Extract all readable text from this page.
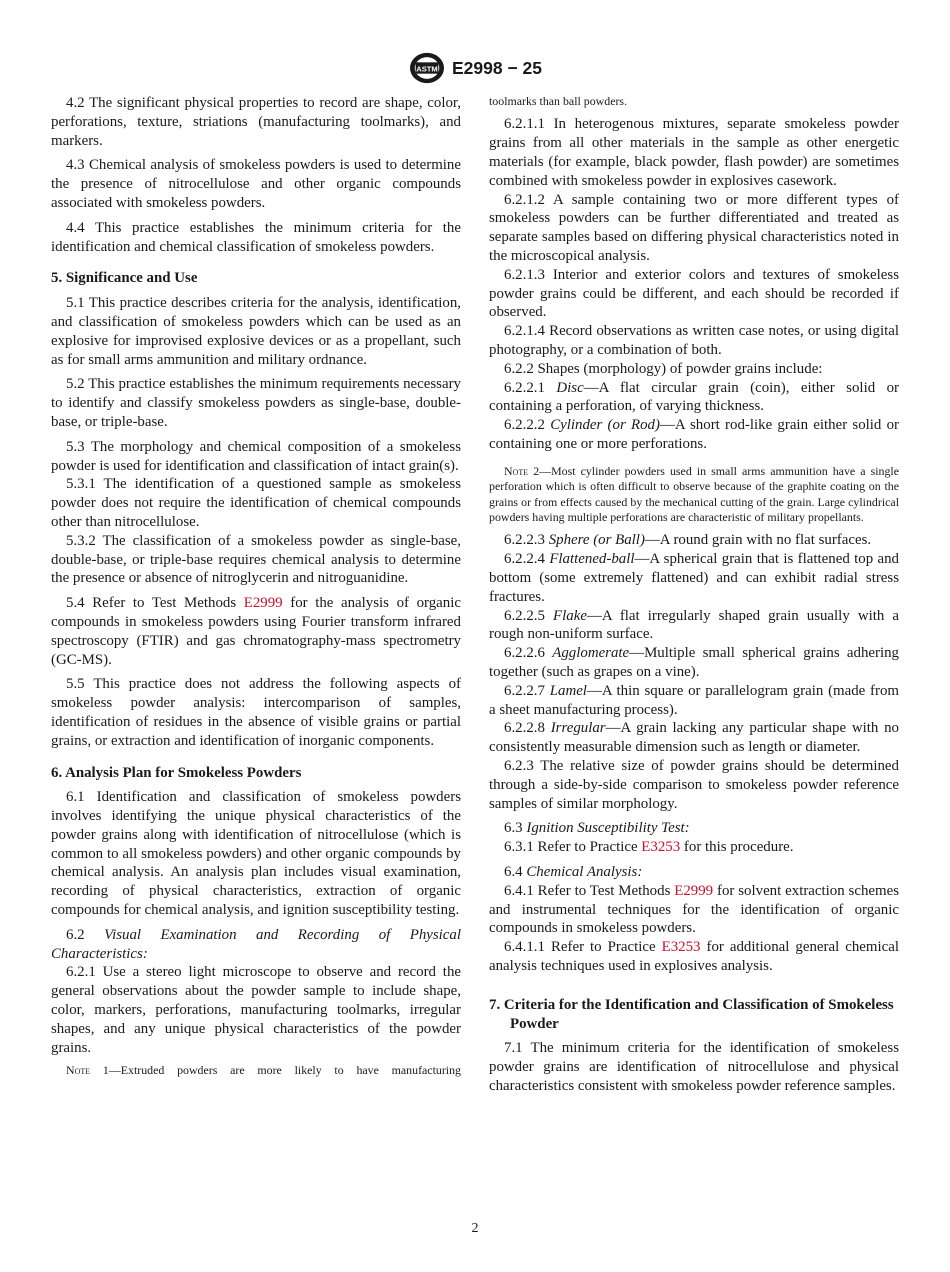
ASTM E2998 − 25

4.2 The significant physical properties to record are shape, color, perforations, texture, striations (manufacturing toolmarks), and markers.

4.3 Chemical analysis of smokeless powders is used to determine the presence of nitrocellulose and other organic compounds associated with smokeless powders.

4.4 This practice establishes the minimum criteria for the identification and chemical classification of smokeless powders.

5. Significance and Use

5.1 This practice describes criteria for the analysis, identification, and classification of smokeless powders which can be used as an explosive for improvised explosive devices or as a propellant, such as for small arms ammunition and military ordnance.

5.2 This practice establishes the minimum requirements necessary to identify and classify smokeless powders as single-base, double-base, or triple-base.

5.3 The morphology and chemical composition of a smokeless powder is used for identification and classification of intact grain(s).

5.3.1 The identification of a questioned sample as smokeless powder does not require the identification of chemical compounds other than nitrocellulose.

5.3.2 The classification of a smokeless powder as single-base, double-base, or triple-base requires chemical analysis to determine the presence or absence of nitroglycerin and nitroguanidine.

5.4 Refer to Test Methods E2999 for the analysis of organic compounds in smokeless powders using Fourier transform infrared spectroscopy (FTIR) and gas chromatography-mass spectrometry (GC-MS).

5.5 This practice does not address the following aspects of smokeless powder analysis: intercomparison of samples, identification of residues in the absence of visible grains or partial grains, or extraction and identification of inorganic components.

6. Analysis Plan for Smokeless Powders

6.1 Identification and classification of smokeless powders involves identifying the unique physical characteristics of the powder grains along with identification of nitrocellulose (which is common to all smokeless powders) and other organic compounds by chemical analysis. An analysis plan includes visual examination, recording of physical characteristics, extraction of organic compounds for chemical analysis, and ignition susceptibility testing.

6.2 Visual Examination and Recording of Physical Characteristics:

6.2.1 Use a stereo light microscope to observe and record the general observations about the powder sample to include shape, color, markers, perforations, manufacturing toolmarks, irregular shapes, and any unique physical characteristics of the powder grains.

Note 1—Extruded powders are more likely to have manufacturing

toolmarks than ball powders.

6.2.1.1 In heterogenous mixtures, separate smokeless powder grains from all other materials in the sample as other energetic materials (for example, black powder, flash powder) are sometimes combined with smokeless powder in explosives casework.

6.2.1.2 A sample containing two or more different types of smokeless powders can be further differentiated and treated as separate samples based on differing physical characteristics noted in the microscopical analysis.

6.2.1.3 Interior and exterior colors and textures of smokeless powder grains could be different, and each should be recorded if observed.

6.2.1.4 Record observations as written case notes, or using digital photography, or a combination of both.

6.2.2 Shapes (morphology) of powder grains include:

6.2.2.1 Disc—A flat circular grain (coin), either solid or containing a perforation, of varying thickness.

6.2.2.2 Cylinder (or Rod)—A short rod-like grain either solid or containing one or more perforations.

Note 2—Most cylinder powders used in small arms ammunition have a single perforation which is often difficult to observe because of the graphite coating on the grains or from effects caused by the mechanical cutting of the grain. Large cylindrical powders having multiple perforations are characteristic of military propellants.

6.2.2.3 Sphere (or Ball)—A round grain with no flat surfaces.

6.2.2.4 Flattened-ball—A spherical grain that is flattened top and bottom (some extremely flattened) and can exhibit radial stress fractures.

6.2.2.5 Flake—A flat irregularly shaped grain usually with a rough non-uniform surface.

6.2.2.6 Agglomerate—Multiple small spherical grains adhering together (such as grapes on a vine).

6.2.2.7 Lamel—A thin square or parallelogram grain (made from a sheet manufacturing process).

6.2.2.8 Irregular—A grain lacking any particular shape with no consistently measurable dimension such as length or diameter.

6.2.3 The relative size of powder grains should be determined through a side-by-side comparison to smokeless powder reference samples of similar morphology.

6.3 Ignition Susceptibility Test:

6.3.1 Refer to Practice E3253 for this procedure.

6.4 Chemical Analysis:

6.4.1 Refer to Test Methods E2999 for solvent extraction schemes and instrumental techniques for the identification of organic compounds in smokeless powders.

6.4.1.1 Refer to Practice E3253 for additional general chemical analysis techniques used in explosives analysis.

7. Criteria for the Identification and Classification of Smokeless Powder

7.1 The minimum criteria for the identification of smokeless powder grains are identification of nitrocellulose and physical characteristics consistent with smokeless powder reference samples.

2
